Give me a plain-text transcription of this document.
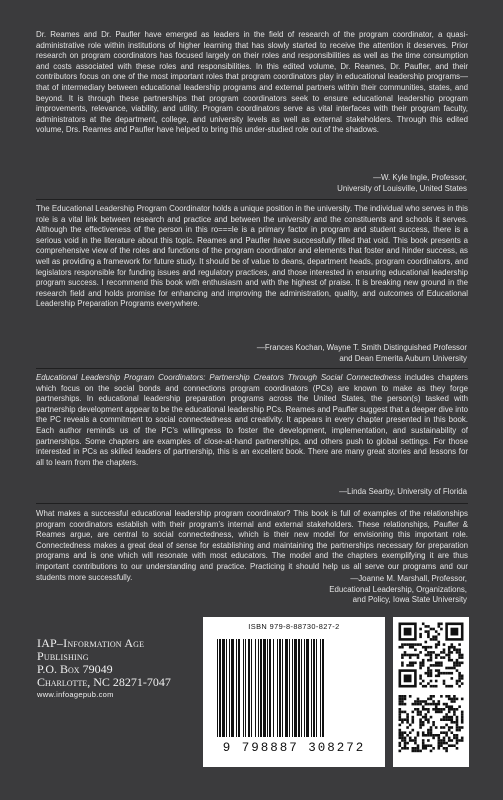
Dr. Reames and Dr. Paufler have emerged as leaders in the field of research of the program coordinator, a quasi-administrative role within institutions of higher learning that has slowly started to receive the attention it deserves. Prior research on program coordinators has focused largely on their roles and responsibilities as well as the time consumption and costs associated with these roles and responsibilities. In this edited volume, Dr. Reames, Dr. Paufler, and their contributors focus on one of the most important roles that program coordinators play in educational leadership programs—that of intermediary between educational leadership programs and external partners within their communities, states, and beyond. It is through these partnerships that program coordinators seek to ensure educational leadership program improvements, relevance, viability, and utility. Program coordinators serve as vital interfaces with their program faculty, administrators at the department, college, and university levels as well as external stakeholders. Through this edited volume, Drs. Reames and Paufler have helped to bring this under-studied role out of the shadows.

—W. Kyle Ingle, Professor,
University of Louisville, United States

The Educational Leadership Program Coordinator holds a unique position in the university. The individual who serves in this role is a vital link between research and practice and between the university and the constituents and schools it serves. Although the effectiveness of the person in this ro===le is a primary factor in program and student success, there is a serious void in the literature about this topic. Reames and Paufler have successfully filled that void. This book presents a comprehensive view of the roles and functions of the program coordinator and elements that foster and hinder success, as well as providing a framework for future study. It should be of value to deans, department heads, program coordinators, and legislators responsible for funding issues and regulatory practices, and those interested in ensuring educational leadership program success. I recommend this book with enthusiasm and with the highest of praise. It is breaking new ground in the research field and holds promise for enhancing and improving the administration, quality, and outcomes of Educational Leadership Preparation Programs everywhere.

—Frances Kochan, Wayne T. Smith Distinguished Professor
and Dean Emerita Auburn University

Educational Leadership Program Coordinators: Partnership Creators Through Social Connectedness includes chapters which focus on the social bonds and connections program coordinators (PCs) are known to make as they forge partnerships. In educational leadership preparation programs across the United States, the person(s) tasked with partnership development appear to be the educational leadership PCs. Reames and Paufler suggest that a deeper dive into the PC reveals a commitment to social connectedness and creativity. It appears in every chapter presented in this book. Each author reminds us of the PC’s willingness to foster the development, implementation, and sustainability of partnerships. Some chapters are examples of close-at-hand partnerships, and others push to global settings. For those interested in PCs as skilled leaders of partnership, this is an excellent book. There are many great stories and lessons for all to learn from the chapters.

—Linda Searby, University of Florida

What makes a successful educational leadership program coordinator? This book is full of examples of the relationships program coordinators establish with their program’s internal and external stakeholders. These relationships, Paufler & Reames argue, are central to social connectedness, which is their new model for envisioning this important role. Connectedness makes a great deal of sense for establishing and maintaining the partnerships necessary for preparation programs and is one which will resonate with most educators. The model and the chapters exemplifying it are thus important contributions to our understanding and practice. Practicing it should help us all serve our programs and our students more successfully.	—Joanne M. Marshall, Professor,
Educational Leadership, Organizations,
and Policy, Iowa State University
IAP–Information Age Publishing
P.O. Box 79049
Charlotte, NC 28271-7047
www.infoagepub.com
ISBN 979-8-88730-827-2
9 798887 308272
